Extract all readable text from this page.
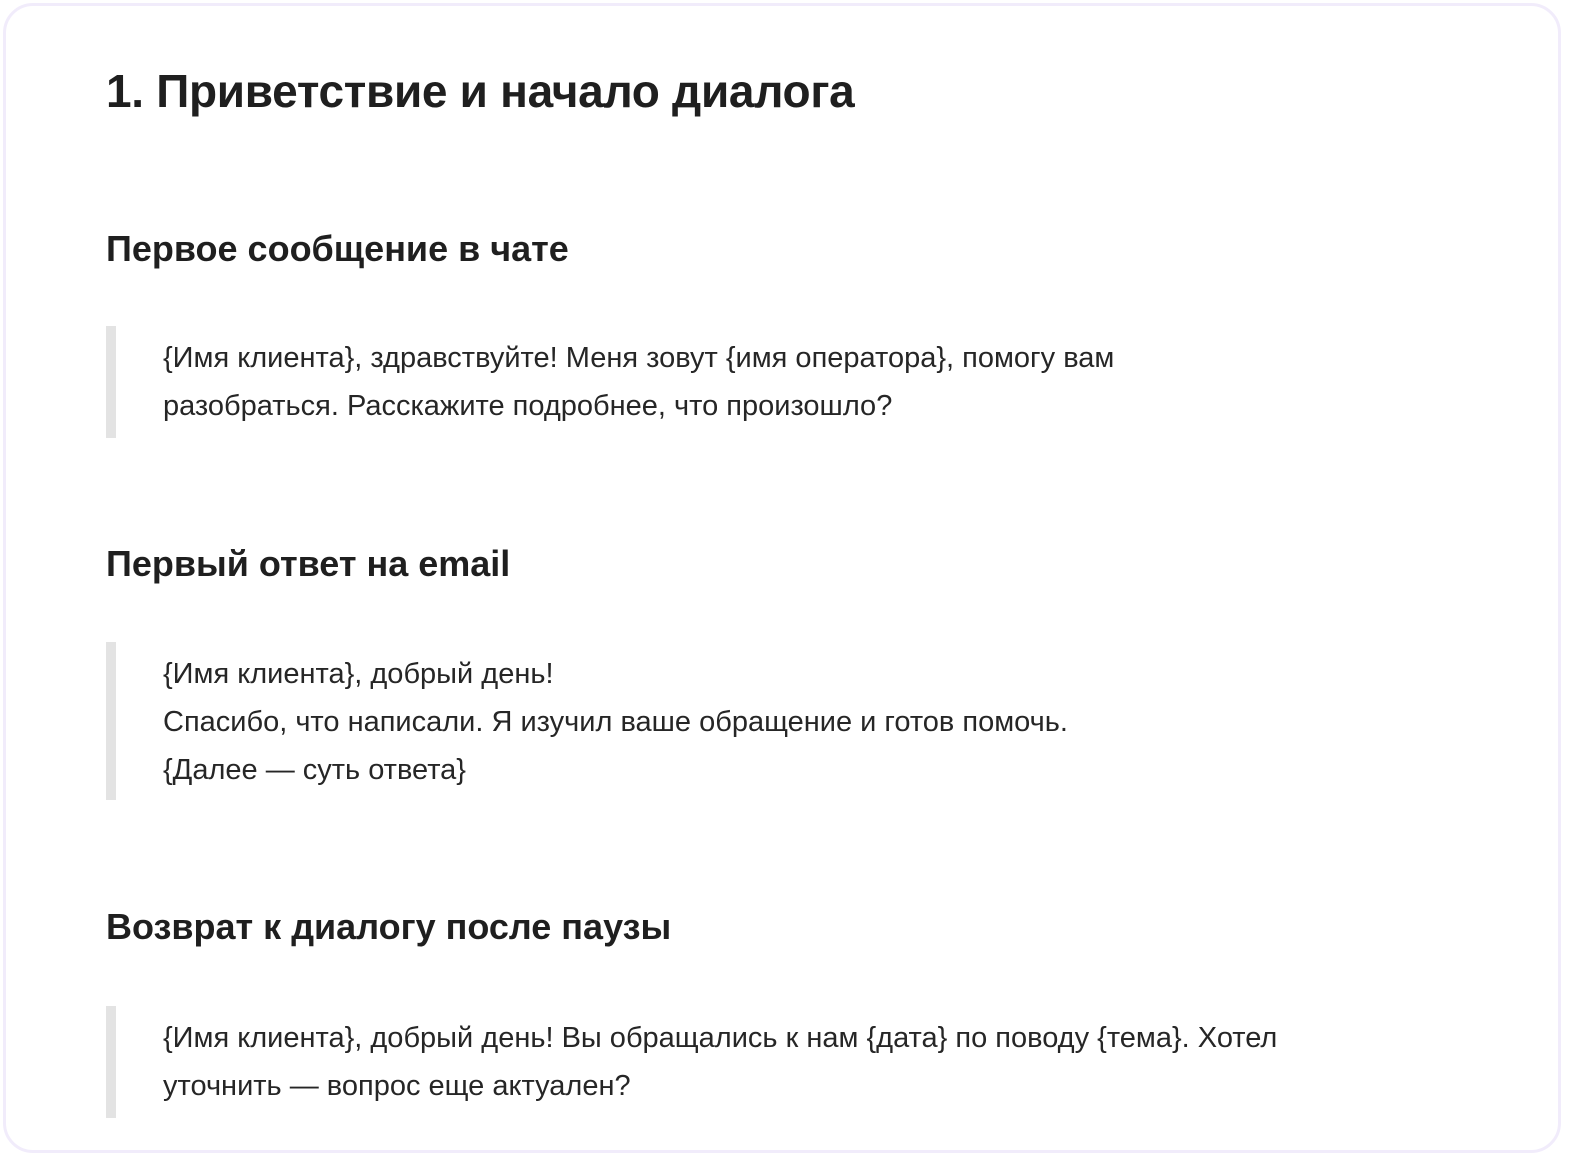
1. Приветствие и начало диалога
Первое сообщение в чате

{Имя клиента}, здравствуйте! Меня зовут {имя оператора}, помогу вам

разобраться. Расскажите подробнее, что произошло?

Первый ответ на email

{Имя клиента}, добрый день!

Спасибо, что написали. Я изучил ваше обращение и готов помочь.

{Далее — суть ответа}

Возврат к диалогу после паузы

{Имя клиента}, добрый день! Вы обращались к нам {дата} по поводу {тема}. Хотел

уточнить — вопрос еще актуален?
